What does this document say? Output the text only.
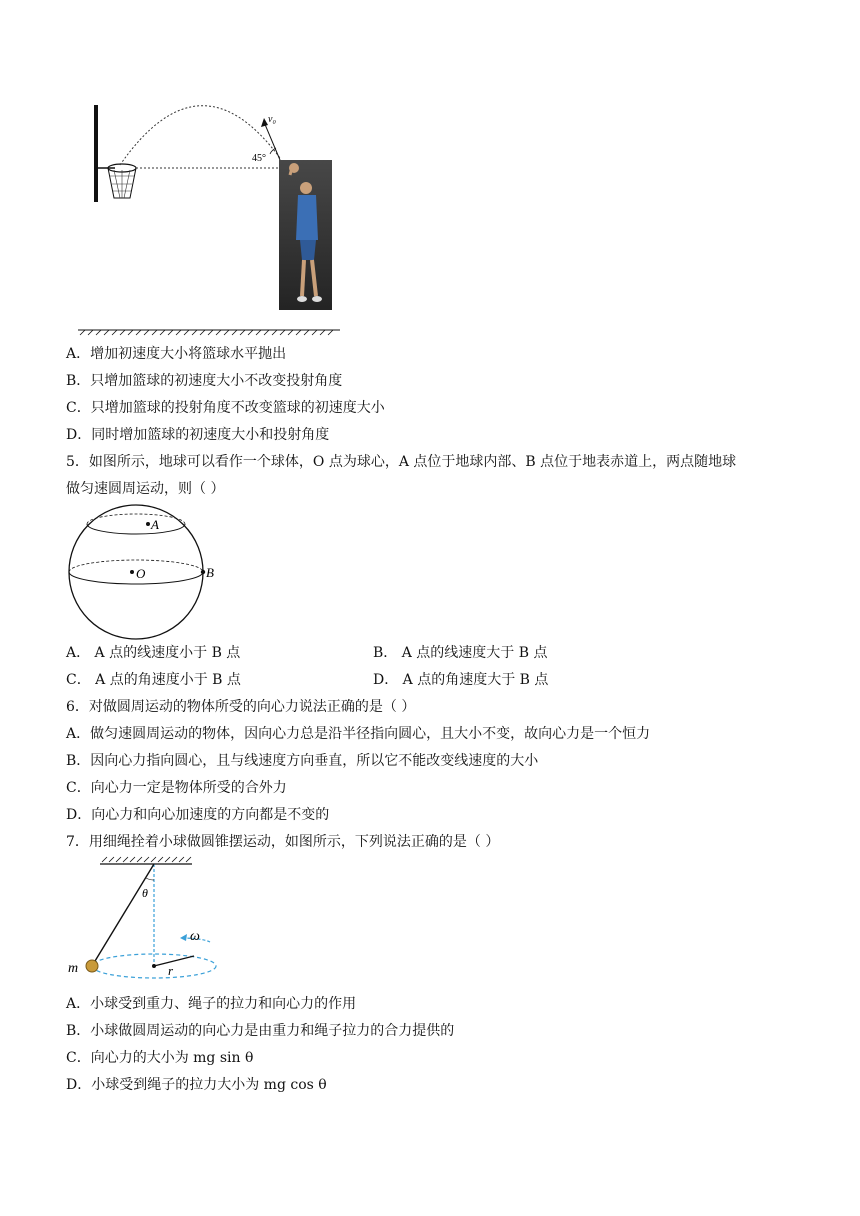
v₀
45°
A．增加初速度大小将篮球水平抛出
B．只增加篮球的初速度大小不改变投射角度
C．只增加篮球的投射角度不改变篮球的初速度大小
D．同时增加篮球的初速度大小和投射角度
5．如图所示，地球可以看作一个球体，O 点为球心，A 点位于地球内部、B 点位于地表赤道上，两点随地球
做匀速圆周运动，则（ ）
A
O	B
A． A 点的线速度小于 B 点	B． A 点的线速度大于 B 点
C． A 点的角速度小于 B 点	D． A 点的角速度大于 B 点
6．对做圆周运动的物体所受的向心力说法正确的是（ ）
A．做匀速圆周运动的物体，因向心力总是沿半径指向圆心，且大小不变，故向心力是一个恒力
B．因向心力指向圆心，且与线速度方向垂直，所以它不能改变线速度的大小
C．向心力一定是物体所受的合外力
D．向心力和向心加速度的方向都是不变的
7．用细绳拴着小球做圆锥摆运动，如图所示，下列说法正确的是（ ）
θ
ω
r
m
A．小球受到重力、绳子的拉力和向心力的作用
B．小球做圆周运动的向心力是由重力和绳子拉力的合力提供的
C．向心力的大小为 mg sin θ
D．小球受到绳子的拉力大小为 mg cos θ
